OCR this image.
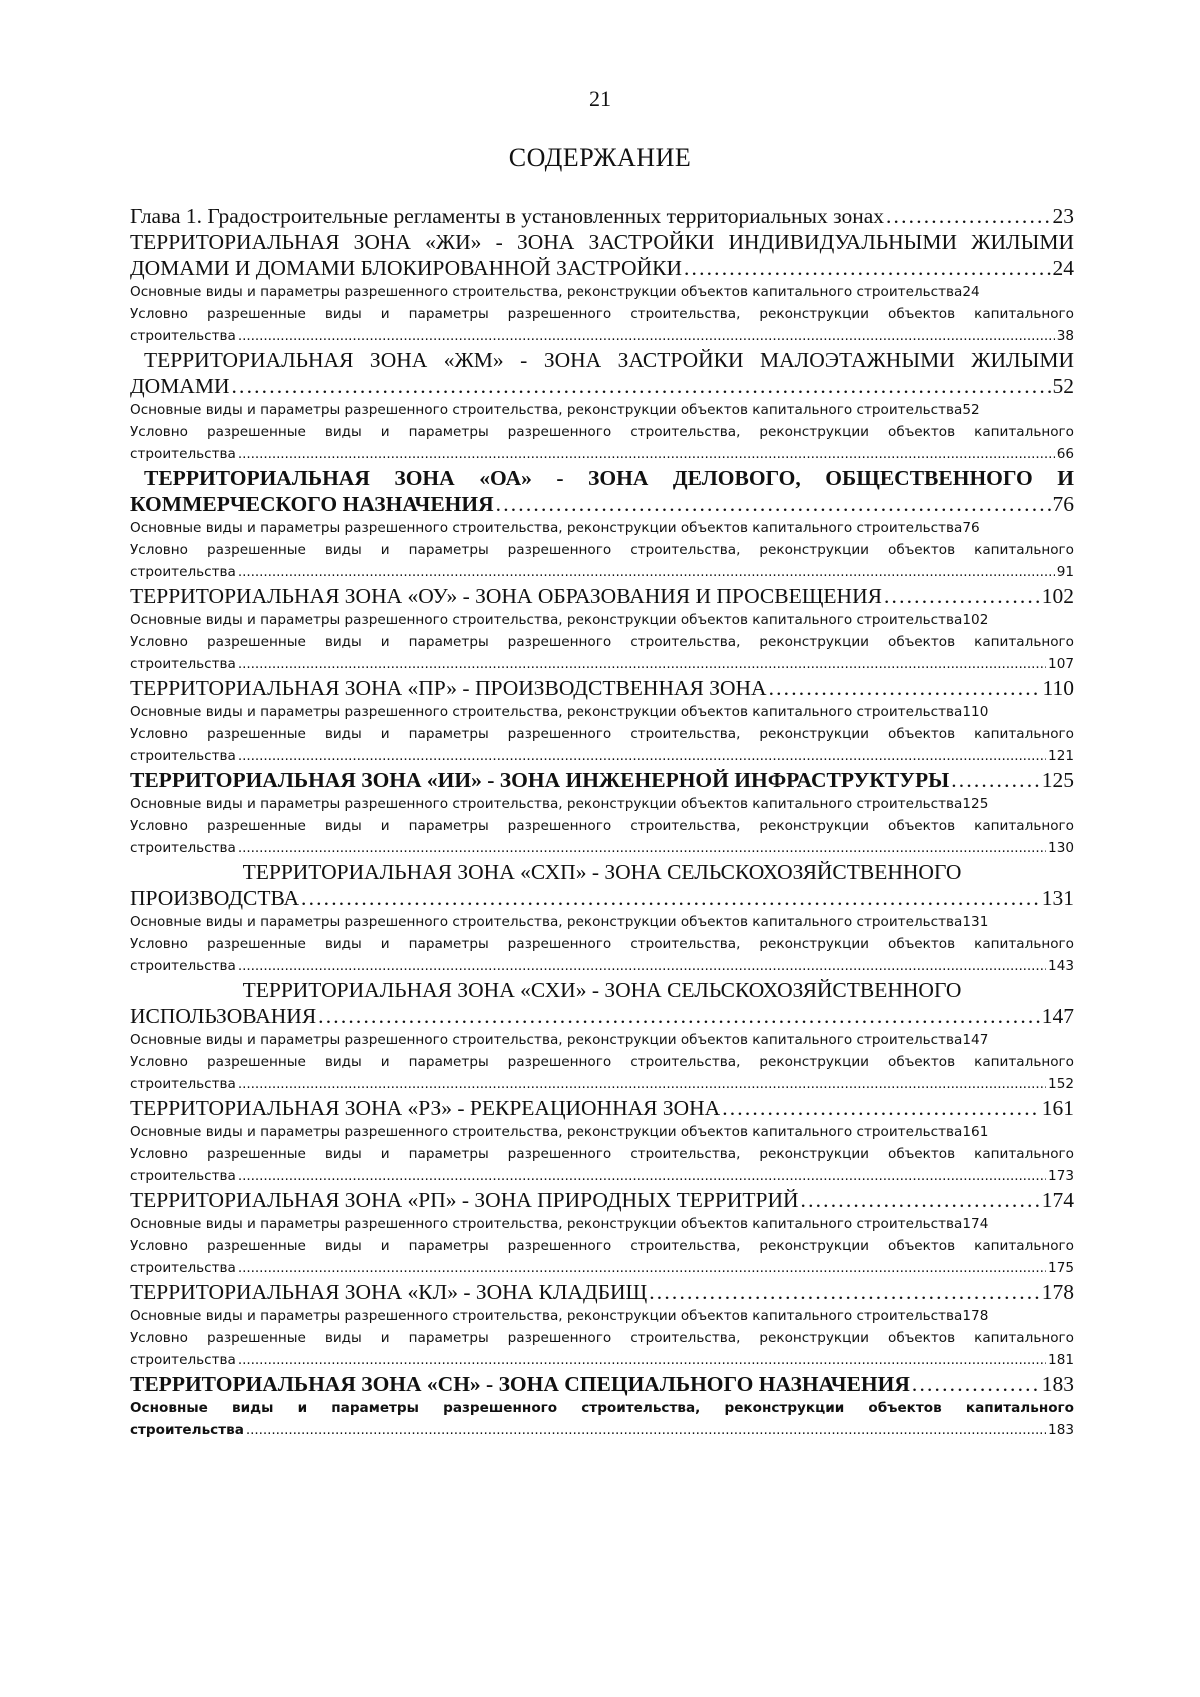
21
СОДЕРЖАНИЕ
Глава 1. Градостроительные регламенты в установленных территориальных зонах . . .	23
ТЕРРИТОРИАЛЬНАЯ ЗОНА «ЖИ» - ЗОНА ЗАСТРОЙКИ ИНДИВИДУАЛЬНЫМИ ЖИЛЫМИ
ДОМАМИ И ДОМАМИ БЛОКИРОВАННОЙ ЗАСТРОЙКИ . . .	24
Основные виды и параметры разрешенного строительства, реконструкции объектов капитального строительства 24
Условно разрешенные виды и параметры разрешенного строительства, реконструкции объектов капитального
строительства . . .	38
ТЕРРИТОРИАЛЬНАЯ ЗОНА «ЖМ» - ЗОНА ЗАСТРОЙКИ МАЛОЭТАЖНЫМИ ЖИЛЫМИ
ДОМАМИ . . .	52
Основные виды и параметры разрешенного строительства, реконструкции объектов капитального строительства 52
Условно разрешенные виды и параметры разрешенного строительства, реконструкции объектов капитального
строительства . . .	66
ТЕРРИТОРИАЛЬНАЯ ЗОНА «ОА» - ЗОНА ДЕЛОВОГО, ОБЩЕСТВЕННОГО И
КОММЕРЧЕСКОГО НАЗНАЧЕНИЯ . . .	76
Основные виды и параметры разрешенного строительства, реконструкции объектов капитального строительства 76
Условно разрешенные виды и параметры разрешенного строительства, реконструкции объектов капитального
строительства . . .	91
ТЕРРИТОРИАЛЬНАЯ ЗОНА «ОУ» - ЗОНА ОБРАЗОВАНИЯ И ПРОСВЕЩЕНИЯ . . .	102
Основные виды и параметры разрешенного строительства, реконструкции объектов капитального строительства 102
Условно разрешенные виды и параметры разрешенного строительства, реконструкции объектов капитального
строительства . . .	107
ТЕРРИТОРИАЛЬНАЯ ЗОНА «ПР» - ПРОИЗВОДСТВЕННАЯ ЗОНА . . .	110
Основные виды и параметры разрешенного строительства, реконструкции объектов капитального строительства 110
Условно разрешенные виды и параметры разрешенного строительства, реконструкции объектов капитального
строительства . . .	121
ТЕРРИТОРИАЛЬНАЯ ЗОНА «ИИ» - ЗОНА ИНЖЕНЕРНОЙ ИНФРАСТРУКТУРЫ . . .	125
Основные виды и параметры разрешенного строительства, реконструкции объектов капитального строительства 125
Условно разрешенные виды и параметры разрешенного строительства, реконструкции объектов капитального
строительства . . .	130
ТЕРРИТОРИАЛЬНАЯ ЗОНА «СХП» - ЗОНА СЕЛЬСКОХОЗЯЙСТВЕННОГО
ПРОИЗВОДСТВА . . .	131
Основные виды и параметры разрешенного строительства, реконструкции объектов капитального строительства 131
Условно разрешенные виды и параметры разрешенного строительства, реконструкции объектов капитального
строительства . . .	143
ТЕРРИТОРИАЛЬНАЯ ЗОНА «СХИ» - ЗОНА СЕЛЬСКОХОЗЯЙСТВЕННОГО
ИСПОЛЬЗОВАНИЯ . . .	147
Основные виды и параметры разрешенного строительства, реконструкции объектов капитального строительства 147
Условно разрешенные виды и параметры разрешенного строительства, реконструкции объектов капитального
строительства . . .	152
ТЕРРИТОРИАЛЬНАЯ ЗОНА «РЗ» - РЕКРЕАЦИОННАЯ ЗОНА . . .	161
Основные виды и параметры разрешенного строительства, реконструкции объектов капитального строительства 161
Условно разрешенные виды и параметры разрешенного строительства, реконструкции объектов капитального
строительства . . .	173
ТЕРРИТОРИАЛЬНАЯ ЗОНА «РП» - ЗОНА ПРИРОДНЫХ ТЕРРИТРИЙ . . .	174
Основные виды и параметры разрешенного строительства, реконструкции объектов капитального строительства 174
Условно разрешенные виды и параметры разрешенного строительства, реконструкции объектов капитального
строительства . . .	175
ТЕРРИТОРИАЛЬНАЯ ЗОНА «КЛ» - ЗОНА КЛАДБИЩ . . .	178
Основные виды и параметры разрешенного строительства, реконструкции объектов капитального строительства 178
Условно разрешенные виды и параметры разрешенного строительства, реконструкции объектов капитального
строительства . . .	181
ТЕРРИТОРИАЛЬНАЯ ЗОНА «СН» - ЗОНА СПЕЦИАЛЬНОГО НАЗНАЧЕНИЯ . . .	183
Основные виды и параметры разрешенного строительства, реконструкции объектов капитального
строительства . . .	183
